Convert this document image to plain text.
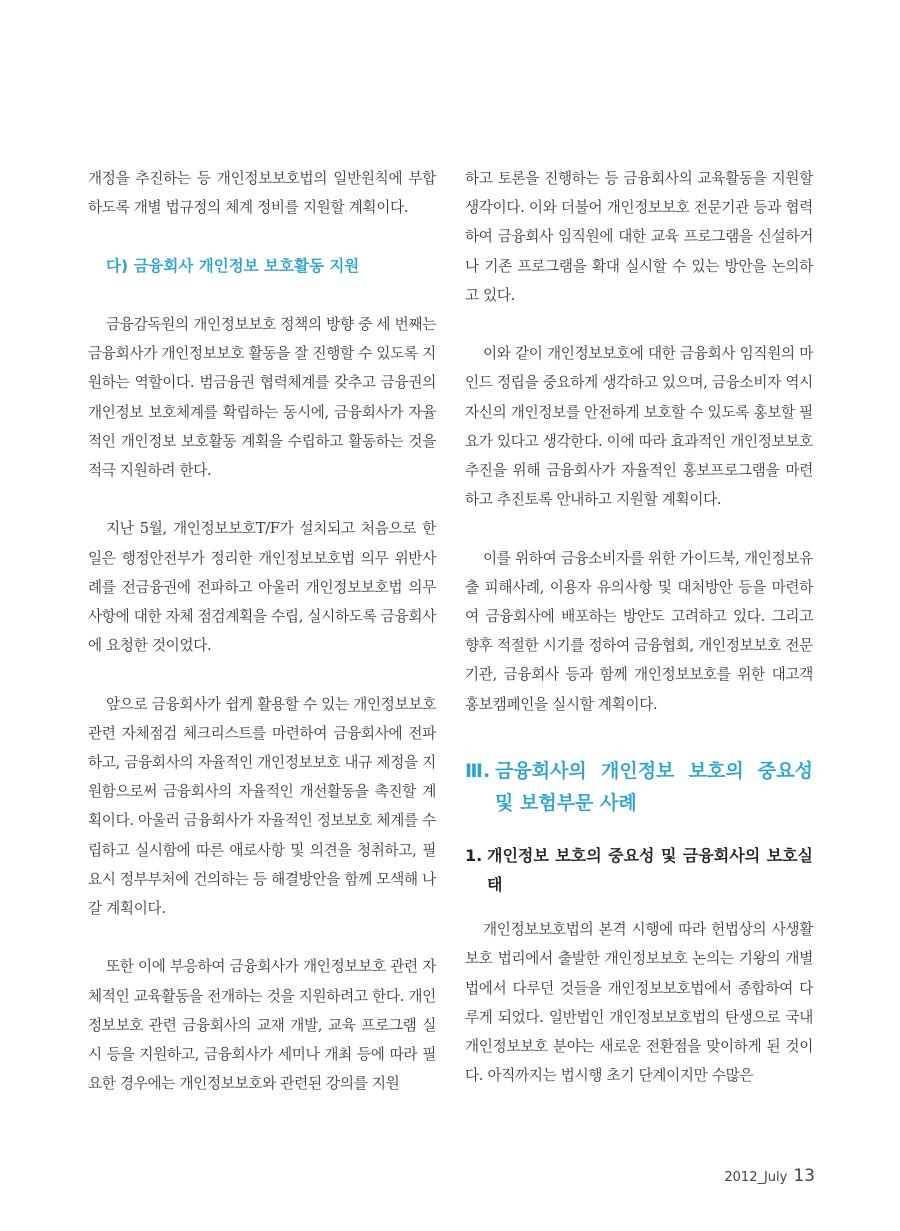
개정을 추진하는 등 개인정보보호법의 일반원칙에 부합하도록 개별 법규정의 체계 정비를 지원할 계획이다.

다) 금융회사 개인정보 보호활동 지원

금융감독원의 개인정보보호 정책의 방향 중 세 번째는 금융회사가 개인정보보호 활동을 잘 진행할 수 있도록 지원하는 역할이다. 범금융권 협력체계를 갖추고 금융권의 개인정보 보호체계를 확립하는 동시에, 금융회사가 자율적인 개인정보 보호활동 계획을 수립하고 활동하는 것을 적극 지원하려 한다.

지난 5월, 개인정보보호T/F가 설치되고 처음으로 한 일은 행정안전부가 정리한 개인정보보호법 의무 위반사례를 전금융권에 전파하고 아울러 개인정보보호법 의무사항에 대한 자체 점검계획을 수립, 실시하도록 금융회사에 요청한 것이었다.

앞으로 금융회사가 쉽게 활용할 수 있는 개인정보보호 관련 자체점검 체크리스트를 마련하여 금융회사에 전파하고, 금융회사의 자율적인 개인정보보호 내규 제정을 지원함으로써 금융회사의 자율적인 개선활동을 촉진할 계획이다. 아울러 금융회사가 자율적인 정보보호 체계를 수립하고 실시함에 따른 애로사항 및 의견을 청취하고, 필요시 정부부처에 건의하는 등 해결방안을 함께 모색해 나갈 계획이다.

또한 이에 부응하여 금융회사가 개인정보보호 관련 자체적인 교육활동을 전개하는 것을 지원하려고 한다. 개인정보보호 관련 금융회사의 교재 개발, 교육 프로그램 실시 등을 지원하고, 금융회사가 세미나 개최 등에 따라 필요한 경우에는 개인정보보호와 관련된 강의를 지원

하고 토론을 진행하는 등 금융회사의 교육활동을 지원할 생각이다. 이와 더불어 개인정보보호 전문기관 등과 협력하여 금융회사 임직원에 대한 교육 프로그램을 신설하거나 기존 프로그램을 확대 실시할 수 있는 방안을 논의하고 있다.

이와 같이 개인정보보호에 대한 금융회사 임직원의 마인드 정립을 중요하게 생각하고 있으며, 금융소비자 역시 자신의 개인정보를 안전하게 보호할 수 있도록 홍보할 필요가 있다고 생각한다. 이에 따라 효과적인 개인정보보호 추진을 위해 금융회사가 자율적인 홍보프로그램을 마련하고 추진토록 안내하고 지원할 계획이다.

이를 위하여 금융소비자를 위한 가이드북, 개인정보유출 피해사례, 이용자 유의사항 및 대처방안 등을 마련하여 금융회사에 배포하는 방안도 고려하고 있다. 그리고 향후 적절한 시기를 정하여 금융협회, 개인정보보호 전문기관, 금융회사 등과 함께 개인정보보호를 위한 대고객 홍보캠페인을 실시할 계획이다.

Ⅲ. 금융회사의 개인정보 보호의 중요성 및 보험부문 사례
1. 개인정보 보호의 중요성 및 금융회사의 보호실태

개인정보보호법의 본격 시행에 따라 헌법상의 사생활보호 법리에서 출발한 개인정보보호 논의는 기왕의 개별법에서 다루던 것들을 개인정보보호법에서 종합하여 다루게 되었다. 일반법인 개인정보보호법의 탄생으로 국내 개인정보보호 분야는 새로운 전환점을 맞이하게 된 것이다. 아직까지는 법시행 초기 단계이지만 수많은

2012_July 13
